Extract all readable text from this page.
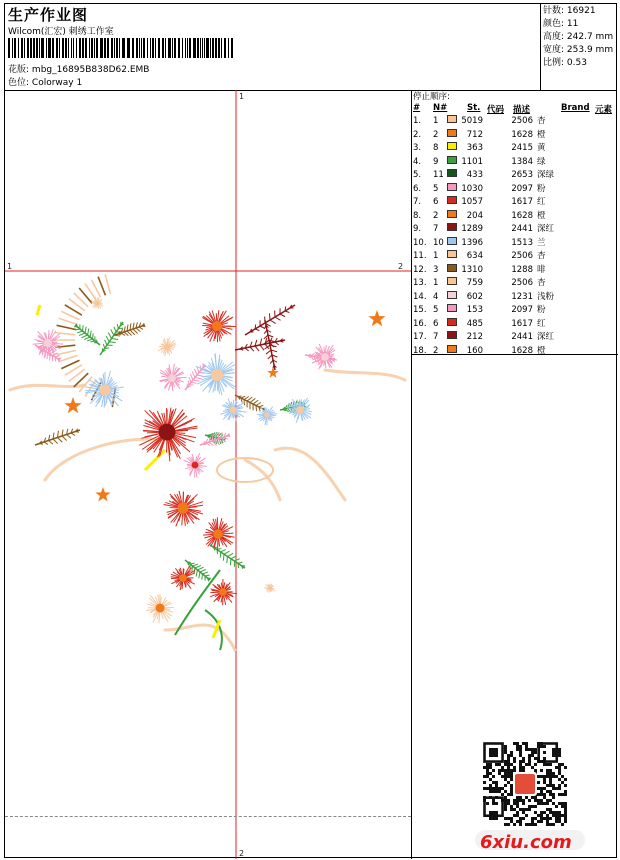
生产作业图
Wilcom(汇宏) 刺绣工作室
花版: mbg_16895B838D62.EMB
色位: Colorway 1
针数: 16921
颜色: 11
高度: 242.7 mm
宽度: 253.9 mm
比例: 0.53
停止顺序:
# N# St. 代码 描述	Brand 元素
1. 1	5019	2506 杏
2. 2	712	1628 橙
3. 8	363	2415 黄
4. 9	1101	1384 绿
5. 11	433	2653 深绿
6. 5	1030	2097 粉
7. 6	1057	1617 红
8. 2	204	1628 橙
9. 7	1289	2441 深红
10. 10 1396	1513 兰
11. 1	634	2506 杏
12. 3	1310	1288 啡
13. 1	759	2506 杏
14. 4	602	1231 浅粉
15. 5	153	2097 粉
16. 6	485	1617 红
17. 7	212	2441 深红
18. 2	160	1628 橙
1
1	2
2
6xiu.com
